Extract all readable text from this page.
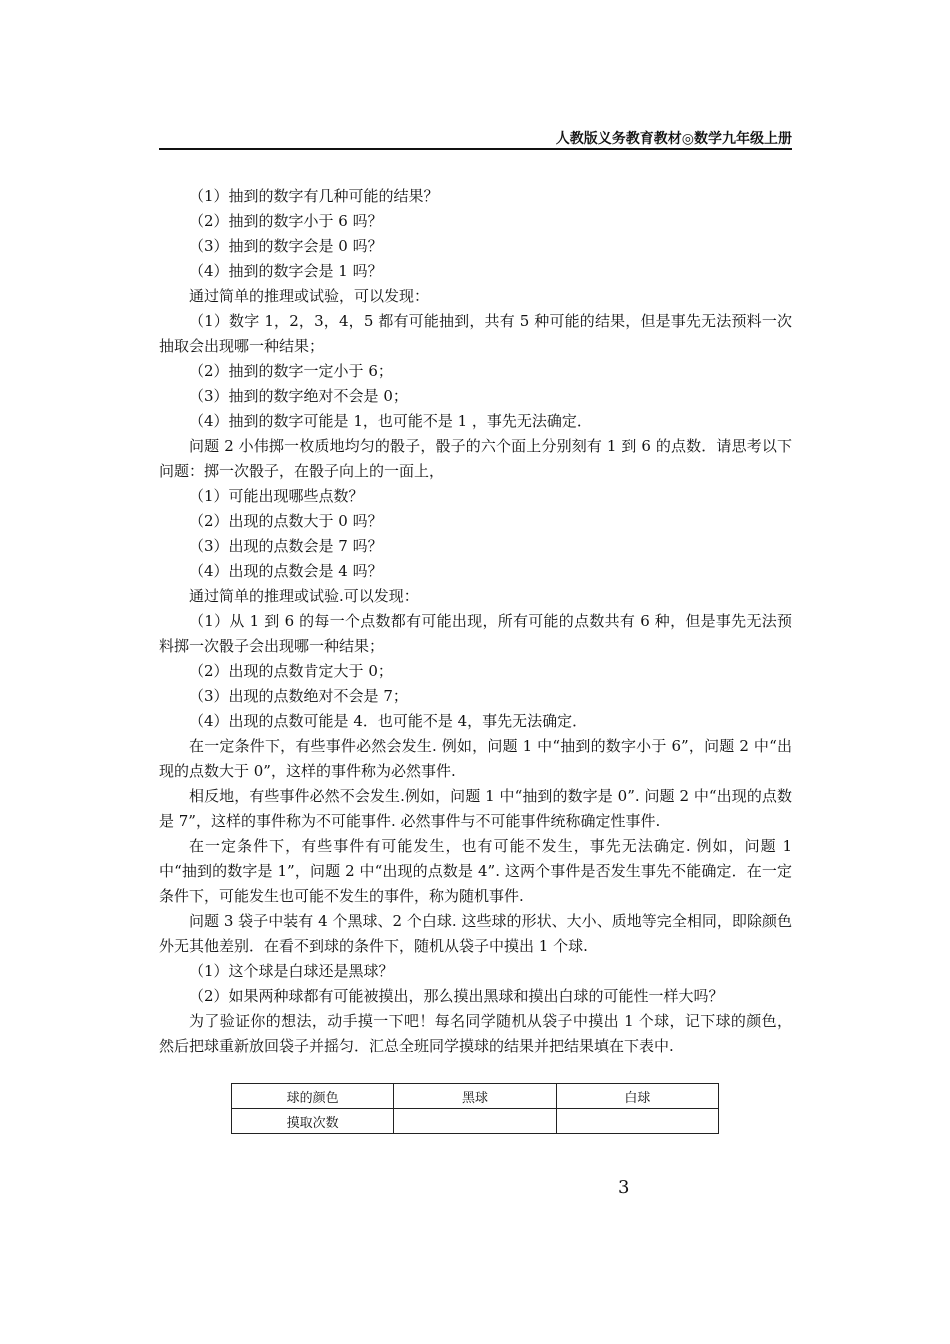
人教版义务教育教材◎数学九年级上册
（1）抽到的数字有几种可能的结果？
（2）抽到的数字小于 6 吗？
（3）抽到的数字会是 0 吗？
（4）抽到的数字会是 1 吗？
通过简单的推理或试验，可以发现：
（1）数字 1，2，3，4，5 都有可能抽到，共有 5 种可能的结果，但是事先无法预料一次抽取会出现哪一种结果；
（2）抽到的数字一定小于 6；
（3）抽到的数字绝对不会是 0；
（4）抽到的数字可能是 1，也可能不是 1 ，事先无法确定．
问题 2 小伟掷一枚质地均匀的骰子，骰子的六个面上分别刻有 1 到 6 的点数．请思考以下问题：掷一次骰子，在骰子向上的一面上，
（1）可能出现哪些点数？
（2）出现的点数大于 0 吗？
（3）出现的点数会是 7 吗？
（4）出现的点数会是 4 吗？
通过简单的推理或试验.可以发现：
（1）从 1 到 6 的每一个点数都有可能出现，所有可能的点数共有 6 种，但是事先无法预料掷一次骰子会出现哪一种结果；
（2）出现的点数肯定大于 0；
（3）出现的点数绝对不会是 7；
（4）出现的点数可能是 4．也可能不是 4，事先无法确定．
在一定条件下，有些事件必然会发生. 例如，问题 1 中“抽到的数字小于 6”，问题 2 中“出现的点数大于 0”，这样的事件称为必然事件.
相反地，有些事件必然不会发生.例如，问题 1 中“抽到的数字是 0”. 问题 2 中“出现的点数是 7”，这样的事件称为不可能事件. 必然事件与不可能事件统称确定性事件.
在一定条件下，有些事件有可能发生，也有可能不发生，事先无法确定. 例如，问题 1 中“抽到的数字是 1”，问题 2 中“出现的点数是 4”. 这两个事件是否发生事先不能确定．在一定条件下，可能发生也可能不发生的事件，称为随机事件.
问题 3 袋子中装有 4 个黑球、2 个白球. 这些球的形状、大小、质地等完全相同，即除颜色外无其他差别．在看不到球的条件下，随机从袋子中摸出 1 个球.
（1）这个球是白球还是黑球？
（2）如果两种球都有可能被摸出，那么摸出黑球和摸出白球的可能性一样大吗？
为了验证你的想法，动手摸一下吧！每名同学随机从袋子中摸出 1 个球，记下球的颜色，然后把球重新放回袋子并摇匀．汇总全班同学摸球的结果并把结果填在下表中.
球的颜色	黑球	白球
摸取次数		
3
